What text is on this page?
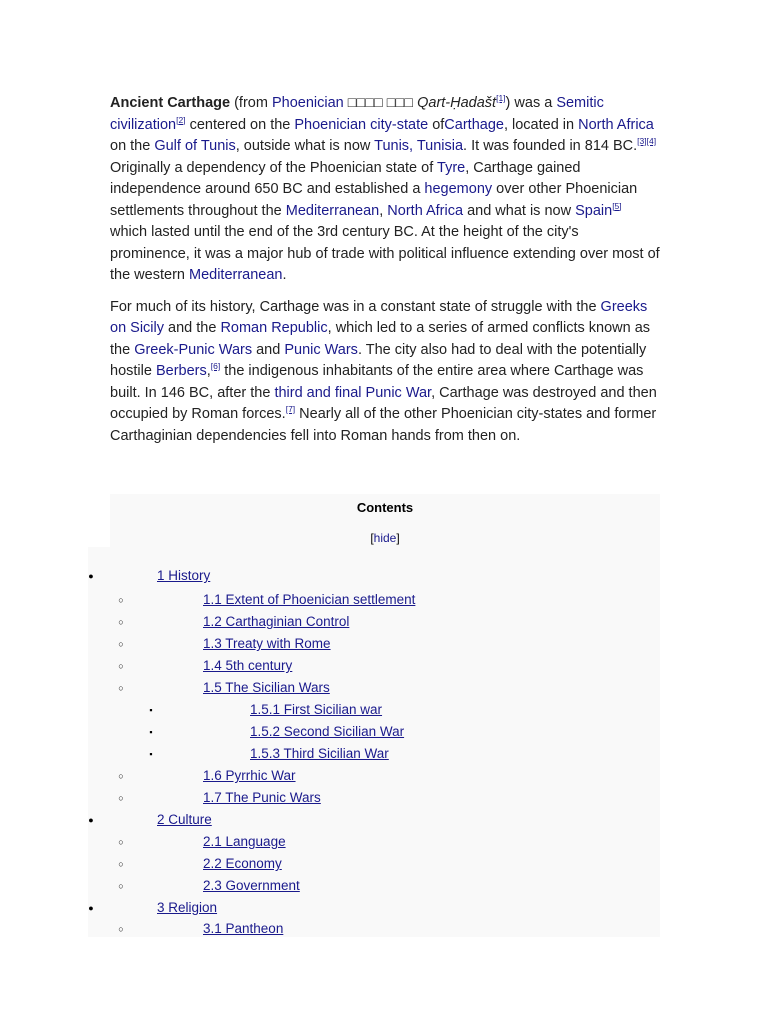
Ancient Carthage (from Phoenician □□□□ □□□ Qart-Ḥadašt[1]) was a Semitic civilization[2] centered on the Phoenician city-state ofCarthage, located in North Africa on the Gulf of Tunis, outside what is now Tunis, Tunisia. It was founded in 814 BC.[3][4] Originally a dependency of the Phoenician state of Tyre, Carthage gained independence around 650 BC and established a hegemony over other Phoenician settlements throughout the Mediterranean, North Africa and what is now Spain[5] which lasted until the end of the 3rd century BC. At the height of the city's prominence, it was a major hub of trade with political influence extending over most of the western Mediterranean.

For much of its history, Carthage was in a constant state of struggle with the Greeks on Sicily and the Roman Republic, which led to a series of armed conflicts known as the Greek-Punic Wars and Punic Wars. The city also had to deal with the potentially hostile Berbers,[6] the indigenous inhabitants of the entire area where Carthage was built. In 146 BC, after the third and final Punic War, Carthage was destroyed and then occupied by Roman forces.[7] Nearly all of the other Phoenician city-states and former Carthaginian dependencies fell into Roman hands from then on.

Contents
[hide]
●	1 History
○	1.1 Extent of Phoenician settlement
○	1.2 Carthaginian Control
○	1.3 Treaty with Rome
○	1.4 5th century
○	1.5 The Sicilian Wars
▪	1.5.1 First Sicilian war
▪	1.5.2 Second Sicilian War
▪	1.5.3 Third Sicilian War
○	1.6 Pyrrhic War
○	1.7 The Punic Wars
●	2 Culture
○	2.1 Language
○	2.2 Economy
○	2.3 Government
●	3 Religion
○	3.1 Pantheon
